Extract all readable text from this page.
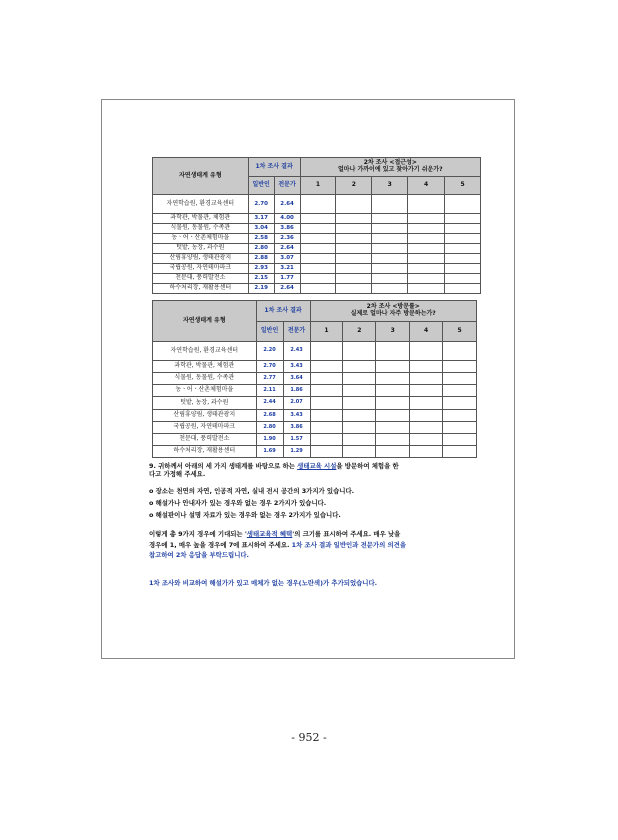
자연생태계 유형	1차 조사 결과		2차 조사 <접근성>
얼마나 가까이에 있고 찾아가기 쉬운가?				

	일반인	전문가	1	2	3	4	5
자연학습원, 환경교육센터	2.70	2.64					
과학관, 박물관, 체험관	3.17	4.00					
식물원, 동물원, 수족관	3.04	3.86					
농ㆍ어ㆍ산촌체험마을	2.58	2.36					
텃밭, 농장, 과수원	2.80	2.64					
산림휴양림, 생태관광지	2.88	3.07					
국립공원, 자연테마파크	2.93	3.21					
천문대, 풍력발전소	2.15	1.77					
하수처리장, 재활용센터	2.19	2.64					
자연생태계 유형	1차 조사 결과		2차 조사 <방문률>
실제로 얼마나 자주 방문하는가?				

	일반인	전문가	1	2	3	4	5
자연학습원, 환경교육센터	2.20	2.43					
과학관, 박물관, 체험관	2.70	3.43					
식물원, 동물원, 수족관	2.77	3.64					
농ㆍ어ㆍ산촌체험마을	2.11	1.86					
텃밭, 농장, 과수원	2.44	2.07					
산림휴양림, 생태관광지	2.68	3.43					
국립공원, 자연테마파크	2.80	3.86					
천문대, 풍력발전소	1.90	1.57					
하수처리장, 재활용센터	1.69	1.29					
9. 귀하께서 아래의 세 가지 생태계를 바탕으로 하는 생태교육 시설을 방문하여 체험을 한
다고 가정해 주세요.
o 장소는 천연의 자연, 인공적 자연, 실내 전시 공간의 3가지가 있습니다.
o 해설가나 안내자가 있는 경우와 없는 경우 2가지가 있습니다.
o 해설판이나 설명 자료가 있는 경우와 없는 경우 2가지가 있습니다.
이렇게 총 9가지 경우에 기대되는 '생태교육적 혜택'의 크기를 표시하여 주세요. 매우 낮을
경우에 1, 매우 높을 경우에 7에 표시하여 주세요. 1차 조사 결과 일반인과 전문가의 의견을
참고하여 2차 응답을 부탁드립니다.
1차 조사와 비교하여 해설가가 있고 매체가 없는 경우(노란색)가 추가되었습니다.
- 952 -
